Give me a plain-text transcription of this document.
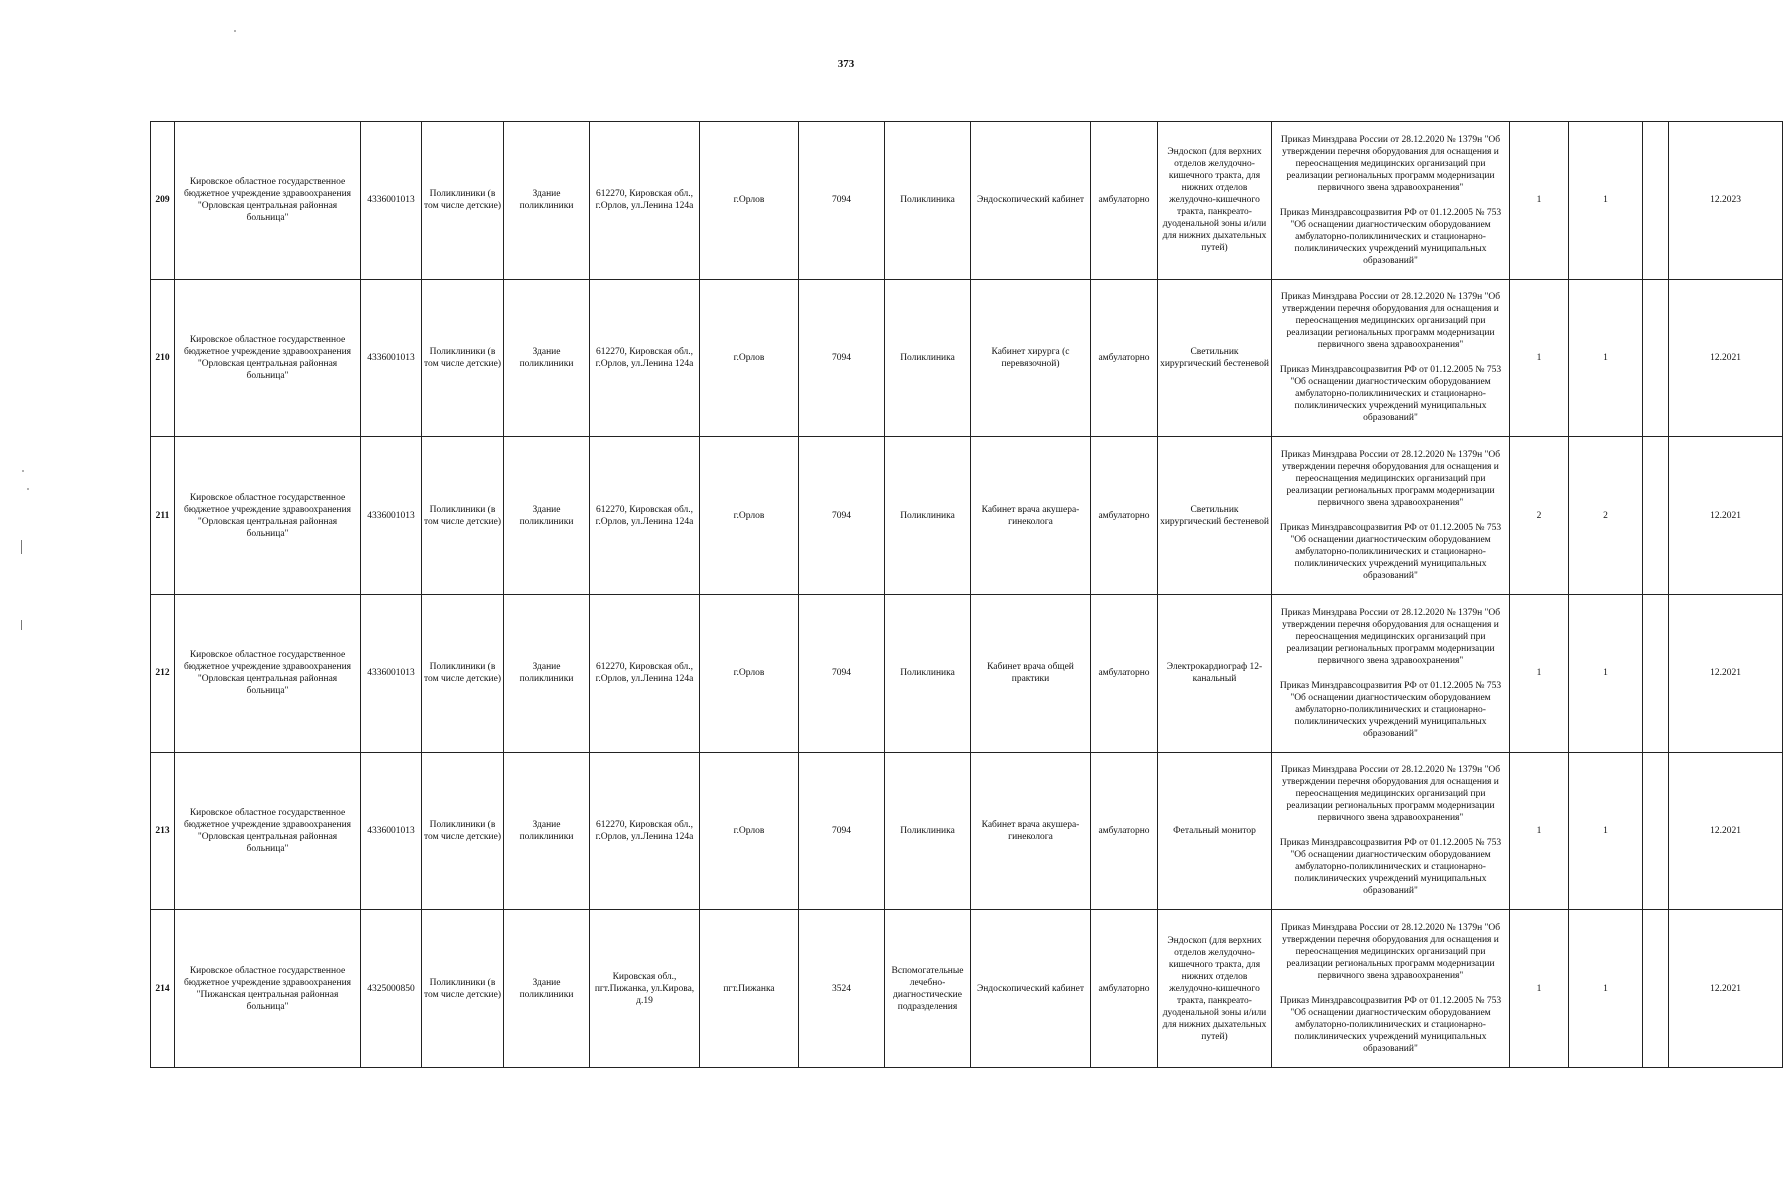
373
209	Кировское областное государственное бюджетное учреждение здравоохранения "Орловская центральная районная больница"	4336001013	Поликлиники (в том числе детские)	Здание поликлиники	612270, Кировская обл., г.Орлов, ул.Ленина 124а	г.Орлов	7094	Поликлиника	Эндоскопический кабинет	амбулаторно	Эндоскоп (для верхних отделов желудочно-кишечного тракта, для нижних отделов желудочно-кишечного тракта, панкреато-дуоденальной зоны и/или для нижних дыхательных путей)	Приказ Минздрава России от 28.12.2020 № 1379н "Об утверждении перечня оборудования для оснащения и переоснащения медицинских организаций при реализации региональных программ модернизации первичного звена здравоохранения"
Приказ Минздравсоцразвития РФ от 01.12.2005 № 753 "Об оснащении диагностическим оборудованием амбулаторно-поликлинических и стационарно-поликлинических учреждений муниципальных образований"	1	1		12.2023
210	Кировское областное государственное бюджетное учреждение здравоохранения "Орловская центральная районная больница"	4336001013	Поликлиники (в том числе детские)	Здание поликлиники	612270, Кировская обл., г.Орлов, ул.Ленина 124а	г.Орлов	7094	Поликлиника	Кабинет хирурга (с перевязочной)	амбулаторно	Светильник хирургический бестеневой	Приказ Минздрава России от 28.12.2020 № 1379н "Об утверждении перечня оборудования для оснащения и переоснащения медицинских организаций при реализации региональных программ модернизации первичного звена здравоохранения"
Приказ Минздравсоцразвития РФ от 01.12.2005 № 753 "Об оснащении диагностическим оборудованием амбулаторно-поликлинических и стационарно-поликлинических учреждений муниципальных образований"	1	1		12.2021
211	Кировское областное государственное бюджетное учреждение здравоохранения "Орловская центральная районная больница"	4336001013	Поликлиники (в том числе детские)	Здание поликлиники	612270, Кировская обл., г.Орлов, ул.Ленина 124а	г.Орлов	7094	Поликлиника	Кабинет врача акушера-гинеколога	амбулаторно	Светильник хирургический бестеневой	Приказ Минздрава России от 28.12.2020 № 1379н "Об утверждении перечня оборудования для оснащения и переоснащения медицинских организаций при реализации региональных программ модернизации первичного звена здравоохранения"
Приказ Минздравсоцразвития РФ от 01.12.2005 № 753 "Об оснащении диагностическим оборудованием амбулаторно-поликлинических и стационарно-поликлинических учреждений муниципальных образований"	2	2		12.2021
212	Кировское областное государственное бюджетное учреждение здравоохранения "Орловская центральная районная больница"	4336001013	Поликлиники (в том числе детские)	Здание поликлиники	612270, Кировская обл., г.Орлов, ул.Ленина 124а	г.Орлов	7094	Поликлиника	Кабинет врача общей практики	амбулаторно	Электрокардиограф 12-канальный	Приказ Минздрава России от 28.12.2020 № 1379н "Об утверждении перечня оборудования для оснащения и переоснащения медицинских организаций при реализации региональных программ модернизации первичного звена здравоохранения"
Приказ Минздравсоцразвития РФ от 01.12.2005 № 753 "Об оснащении диагностическим оборудованием амбулаторно-поликлинических и стационарно-поликлинических учреждений муниципальных образований"	1	1		12.2021
213	Кировское областное государственное бюджетное учреждение здравоохранения "Орловская центральная районная больница"	4336001013	Поликлиники (в том числе детские)	Здание поликлиники	612270, Кировская обл., г.Орлов, ул.Ленина 124а	г.Орлов	7094	Поликлиника	Кабинет врача акушера-гинеколога	амбулаторно	Фетальный монитор	Приказ Минздрава России от 28.12.2020 № 1379н "Об утверждении перечня оборудования для оснащения и переоснащения медицинских организаций при реализации региональных программ модернизации первичного звена здравоохранения"
Приказ Минздравсоцразвития РФ от 01.12.2005 № 753 "Об оснащении диагностическим оборудованием амбулаторно-поликлинических и стационарно-поликлинических учреждений муниципальных образований"	1	1		12.2021
214	Кировское областное государственное бюджетное учреждение здравоохранения "Пижанская центральная районная больница"	4325000850	Поликлиники (в том числе детские)	Здание поликлиники	Кировская обл., пгт.Пижанка, ул.Кирова, д.19	пгт.Пижанка	3524	Вспомогательные лечебно-диагностические подразделения	Эндоскопический кабинет	амбулаторно	Эндоскоп (для верхних отделов желудочно-кишечного тракта, для нижних отделов желудочно-кишечного тракта, панкреато-дуоденальной зоны и/или для нижних дыхательных путей)	Приказ Минздрава России от 28.12.2020 № 1379н "Об утверждении перечня оборудования для оснащения и переоснащения медицинских организаций при реализации региональных программ модернизации первичного звена здравоохранения"
Приказ Минздравсоцразвития РФ от 01.12.2005 № 753 "Об оснащении диагностическим оборудованием амбулаторно-поликлинических и стационарно-поликлинических учреждений муниципальных образований"	1	1		12.2021
